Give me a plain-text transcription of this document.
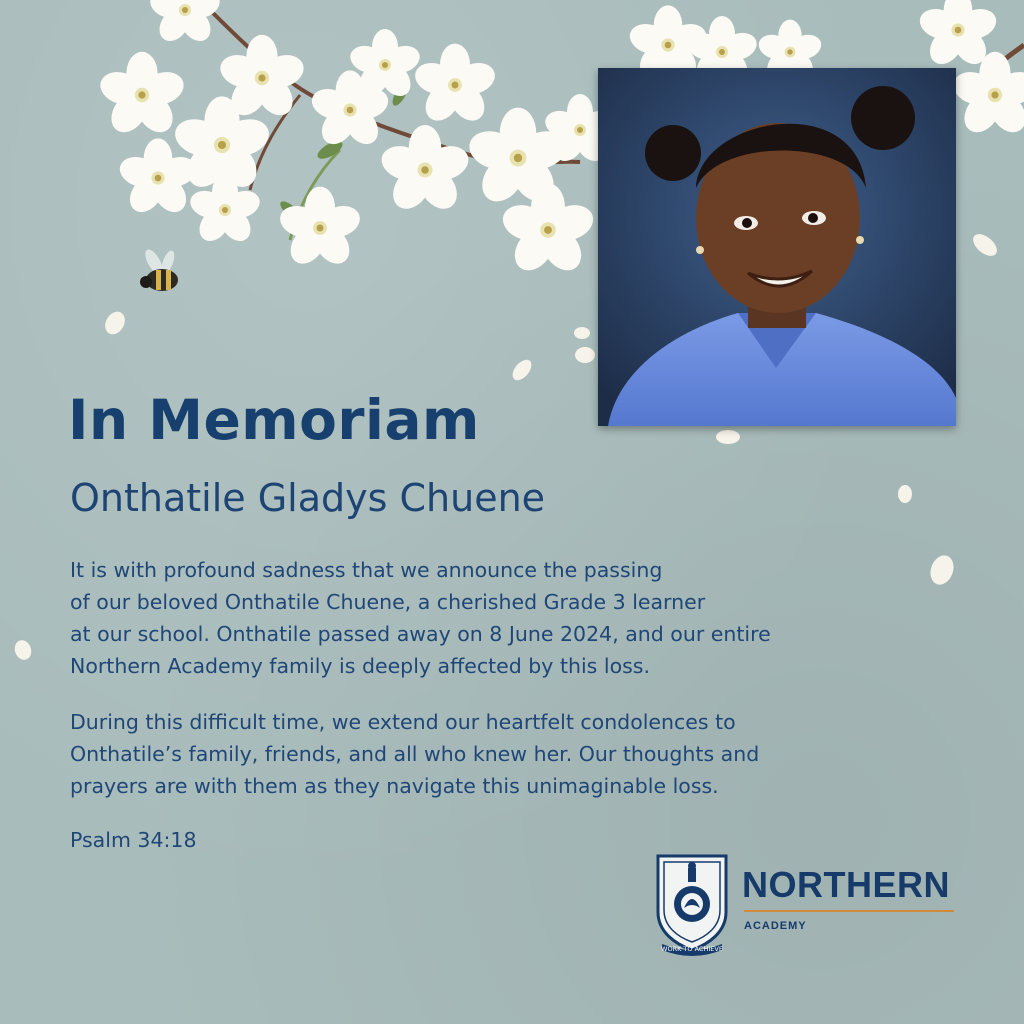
In Memoriam
Onthatile Gladys Chuene

It is with profound sadness that we announce the passing
of our beloved Onthatile Chuene, a cherished Grade 3 learner
at our school. Onthatile passed away on 8 June 2024, and our entire
Northern Academy family is deeply affected by this loss.

During this difficult time, we extend our heartfelt condolences to
Onthatile’s family, friends, and all who knew her. Our thoughts and
prayers are with them as they navigate this unimaginable loss.

Psalm 34:18

WORK TO ACHIEVE
NORTHERN
ACADEMY
